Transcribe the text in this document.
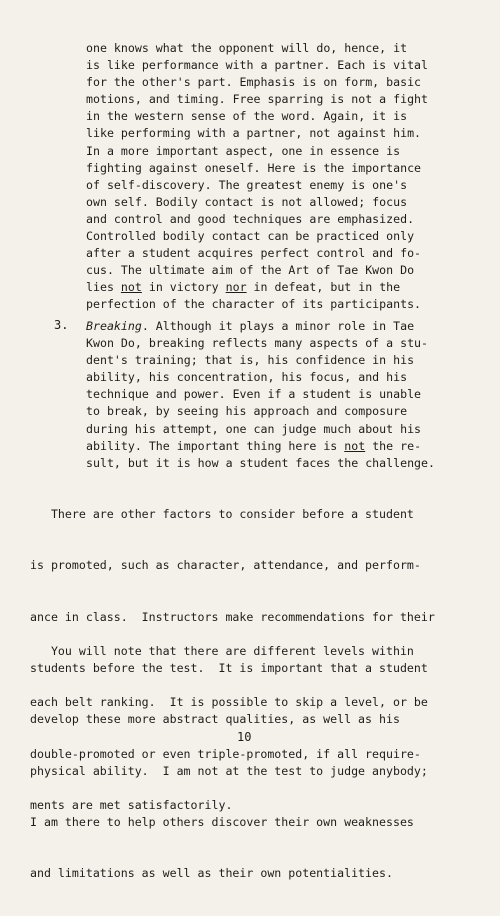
one knows what the opponent will do, hence, it
is like performance with a partner. Each is vital
for the other's part. Emphasis is on form, basic
motions, and timing. Free sparring is not a fight
in the western sense of the word. Again, it is
like performing with a partner, not against him.
In a more important aspect, one in essence is
fighting against oneself. Here is the importance
of self-discovery. The greatest enemy is one's
own self. Bodily contact is not allowed; focus
and control and good techniques are emphasized.
Controlled bodily contact can be practiced only
after a student acquires perfect control and fo-
cus. The ultimate aim of the Art of Tae Kwon Do
lies not in victory nor in defeat, but in the
perfection of the character of its participants.
3. Breaking. Although it plays a minor role in Tae
Kwon Do, breaking reflects many aspects of a stu-
dent's training; that is, his confidence in his
ability, his concentration, his focus, and his
technique and power. Even if a student is unable
to break, by seeing his approach and composure
during his attempt, one can judge much about his
ability. The important thing here is not the re-
sult, but it is how a student faces the challenge.

There are other factors to consider before a student

is promoted, such as character, attendance, and perform-

ance in class.  Instructors make recommendations for their

students before the test.  It is important that a student

develop these more abstract qualities, as well as his

physical ability.  I am not at the test to judge anybody;

I am there to help others discover their own weaknesses

and limitations as well as their own potentialities.

You will note that there are different levels within

each belt ranking.  It is possible to skip a level, or be

double-promoted or even triple-promoted, if all require-

ments are met satisfactorily.

10
